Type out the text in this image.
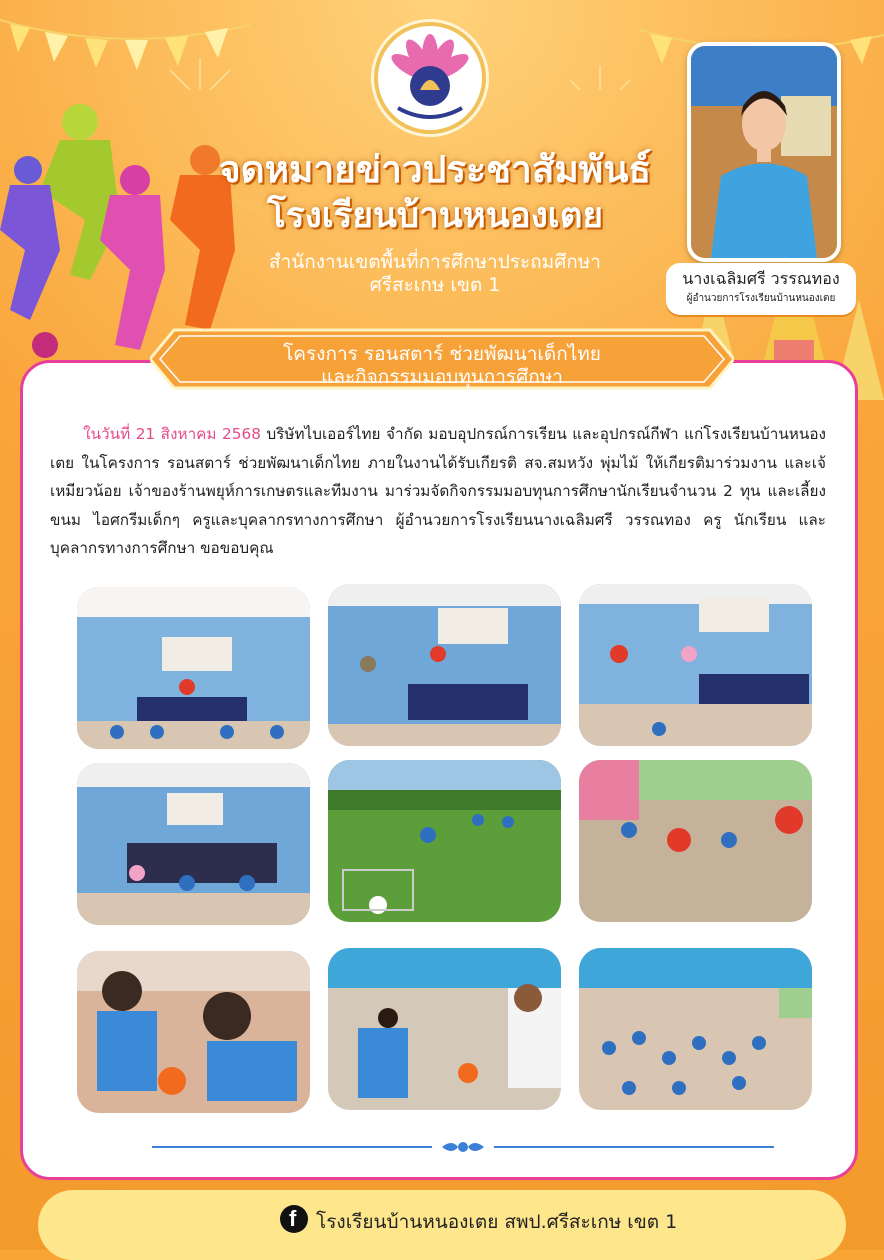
จดหมายข่าวประชาสัมพันธ์
โรงเรียนบ้านหนองเตย
สำนักงานเขตพื้นที่การศึกษาประถมศึกษา
ศรีสะเกษ เขต 1	นางเฉลิมศรี วรรณทอง
ผู้อำนวยการโรงเรียนบ้านหนองเตย
โครงการ รอนสตาร์ ช่วยพัฒนาเด็กไทย
และกิจกรรมมอบทุนการศึกษา
ในวันที่ 21 สิงหาคม 2568 บริษัทไบเออร์ไทย จำกัด มอบอุปกรณ์การเรียน และอุปกรณ์กีฬา แก่โรงเรียนบ้านหนองเตย ในโครงการ รอนสตาร์ ช่วยพัฒนาเด็กไทย ภายในงานได้รับเกียรติ สจ.สมหวัง พุ่มไม้ ให้เกียรติมาร่วมงาน และเจ้เหมียวน้อย เจ้าของร้านพยุห์การเกษตรและทีมงาน มาร่วมจัดกิจกรรมมอบทุนการศึกษานักเรียนจำนวน 2 ทุน และเลี้ยง ขนม ไอศกรีมเด็กๆ ครูและบุคลากรทางการศึกษา ผู้อำนวยการโรงเรียนนางเฉลิมศรี วรรณทอง ครู นักเรียน และบุคลากรทางการศึกษา ขอขอบคุณ
f โรงเรียนบ้านหนองเตย สพป.ศรีสะเกษ เขต 1
